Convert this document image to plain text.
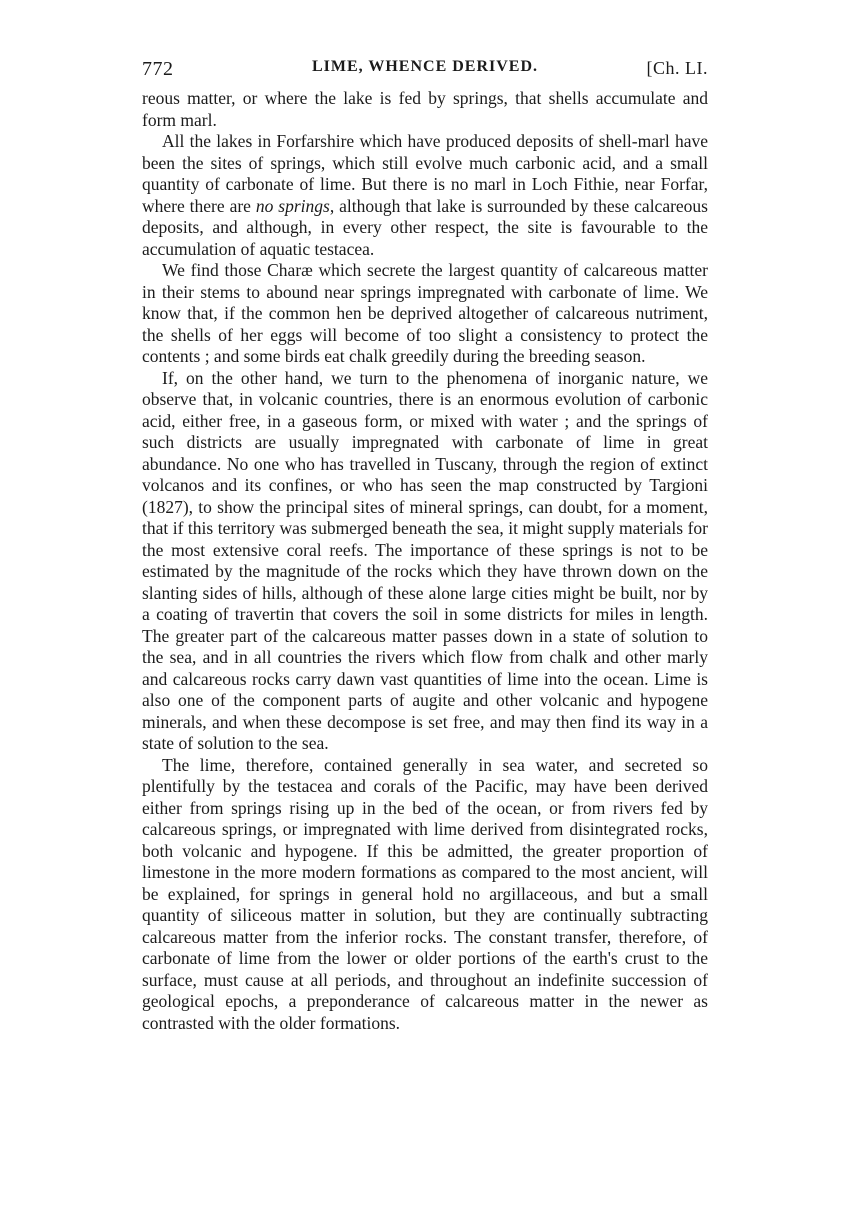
772	LIME, WHENCE DERIVED.	[Ch. LI.

reous matter, or where the lake is fed by springs, that shells accumulate and form marl.

All the lakes in Forfarshire which have produced deposits of shell-marl have been the sites of springs, which still evolve much carbonic acid, and a small quantity of carbonate of lime. But there is no marl in Loch Fithie, near Forfar, where there are no springs, although that lake is surrounded by these calcareous deposits, and although, in every other respect, the site is favourable to the accumulation of aquatic testacea.

We find those Charæ which secrete the largest quantity of calcareous matter in their stems to abound near springs impregnated with carbonate of lime. We know that, if the common hen be deprived altogether of calcareous nutriment, the shells of her eggs will become of too slight a consistency to protect the contents ; and some birds eat chalk greedily during the breeding season.

If, on the other hand, we turn to the phenomena of inorganic nature, we observe that, in volcanic countries, there is an enormous evolution of carbonic acid, either free, in a gaseous form, or mixed with water ; and the springs of such districts are usually impregnated with carbonate of lime in great abundance. No one who has travelled in Tuscany, through the region of extinct volcanos and its confines, or who has seen the map constructed by Targioni (1827), to show the principal sites of mineral springs, can doubt, for a moment, that if this territory was submerged beneath the sea, it might supply materials for the most extensive coral reefs. The importance of these springs is not to be estimated by the magnitude of the rocks which they have thrown down on the slanting sides of hills, although of these alone large cities might be built, nor by a coating of travertin that covers the soil in some districts for miles in length. The greater part of the calcareous matter passes down in a state of solution to the sea, and in all countries the rivers which flow from chalk and other marly and calcareous rocks carry dawn vast quantities of lime into the ocean. Lime is also one of the component parts of augite and other volcanic and hypogene minerals, and when these decompose is set free, and may then find its way in a state of solution to the sea.

The lime, therefore, contained generally in sea water, and secreted so plentifully by the testacea and corals of the Pacific, may have been derived either from springs rising up in the bed of the ocean, or from rivers fed by calcareous springs, or impregnated with lime derived from disintegrated rocks, both volcanic and hypogene. If this be admitted, the greater proportion of limestone in the more modern formations as compared to the most ancient, will be explained, for springs in general hold no argillaceous, and but a small quantity of siliceous matter in solution, but they are continually subtracting calcareous matter from the inferior rocks. The constant transfer, therefore, of carbonate of lime from the lower or older portions of the earth's crust to the surface, must cause at all periods, and throughout an indefinite succession of geological epochs, a preponderance of calcareous matter in the newer as contrasted with the older formations.
